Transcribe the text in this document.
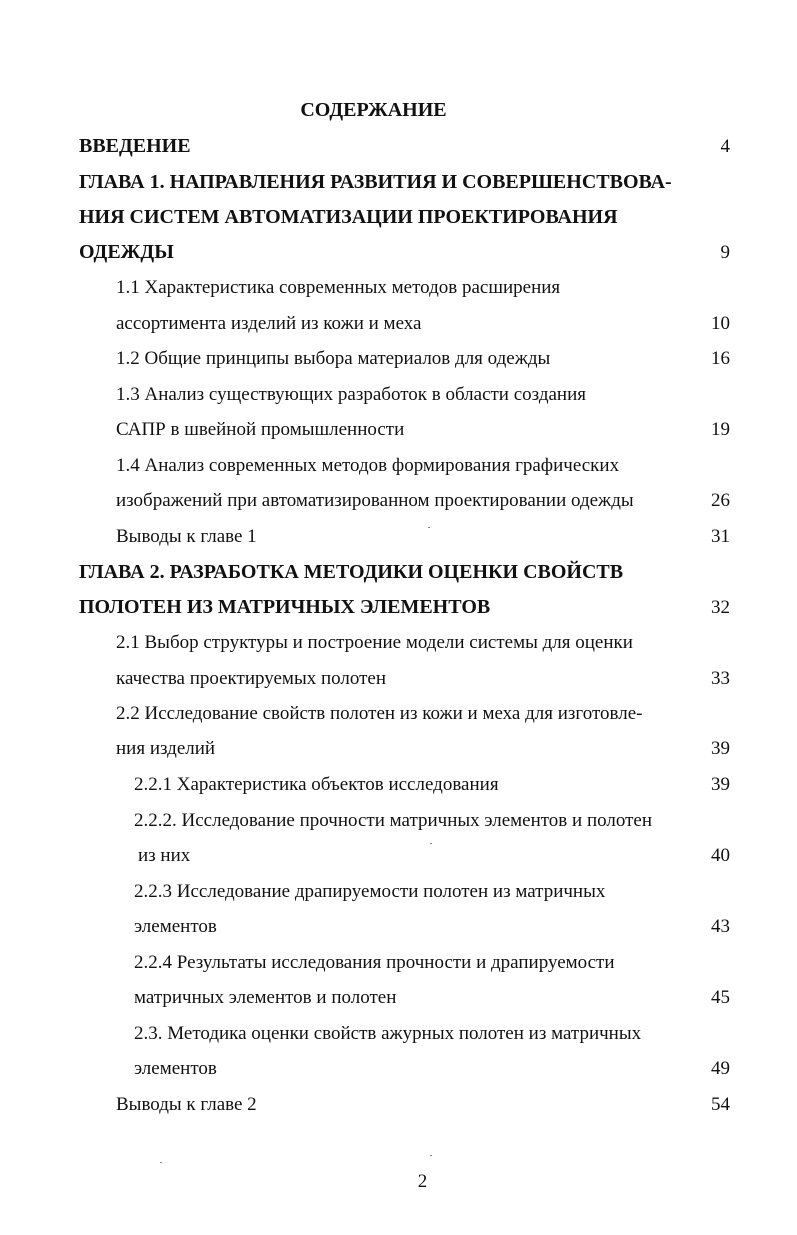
СОДЕРЖАНИЕ
ВВЕДЕНИЕ	4
ГЛАВА 1. НАПРАВЛЕНИЯ РАЗВИТИЯ И СОВЕРШЕНСТВОВА-
НИЯ СИСТЕМ АВТОМАТИЗАЦИИ ПРОЕКТИРОВАНИЯ
ОДЕЖДЫ	9
1.1 Характеристика современных методов расширения
ассортимента изделий из кожи и меха	10
1.2 Общие принципы выбора материалов для одежды	16
1.3 Анализ существующих разработок в области создания
САПР в швейной промышленности	19
1.4 Анализ современных методов формирования графических
изображений при автоматизированном проектировании одежды	26
Выводы к главе 1	31
ГЛАВА 2. РАЗРАБОТКА МЕТОДИКИ ОЦЕНКИ СВОЙСТВ
ПОЛОТЕН ИЗ МАТРИЧНЫХ ЭЛЕМЕНТОВ	32
2.1 Выбор структуры и построение модели системы для оценки
качества проектируемых полотен	33
2.2 Исследование свойств полотен из кожи и меха для изготовле-
ния изделий	39
2.2.1 Характеристика объектов исследования	39
2.2.2. Исследование прочности матричных элементов и полотен
из них	40
2.2.3 Исследование драпируемости полотен из матричных
элементов	43
2.2.4 Результаты исследования прочности и драпируемости
матричных элементов и полотен	45
2.3. Методика оценки свойств ажурных полотен из матричных
элементов	49
Выводы к главе 2	54
2
